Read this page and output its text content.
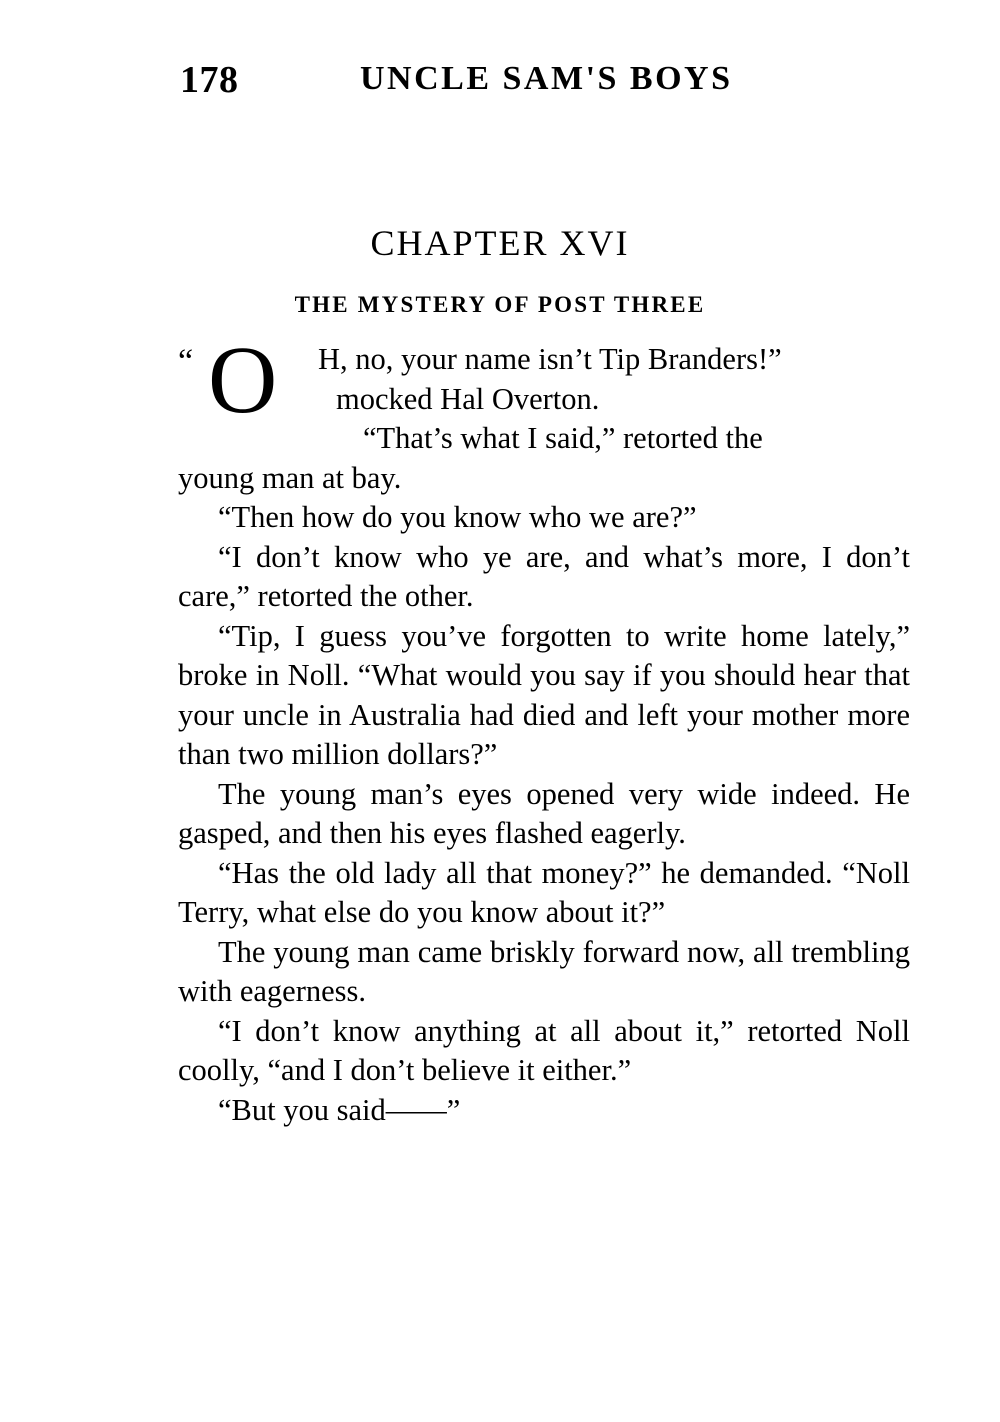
178	UNCLE SAM'S BOYS
CHAPTER XVI
THE MYSTERY OF POST THREE
“ O	H, no, your name isn’t Tip Branders!”
mocked Hal Overton.
“That’s what I said,” retorted the
young man at bay.

“Then how do you know who we are?”

“I don’t know who ye are, and what’s more, I don’t care,” retorted the other.

“Tip, I guess you’ve forgotten to write home lately,” broke in Noll. “What would you say if you should hear that your uncle in Australia had died and left your mother more than two million dollars?”

The young man’s eyes opened very wide indeed. He gasped, and then his eyes flashed eagerly.

“Has the old lady all that money?” he demanded. “Noll Terry, what else do you know about it?”

The young man came briskly forward now, all trembling with eagerness.

“I don’t know anything at all about it,” retorted Noll coolly, “and I don’t believe it either.”

“But you said——”
